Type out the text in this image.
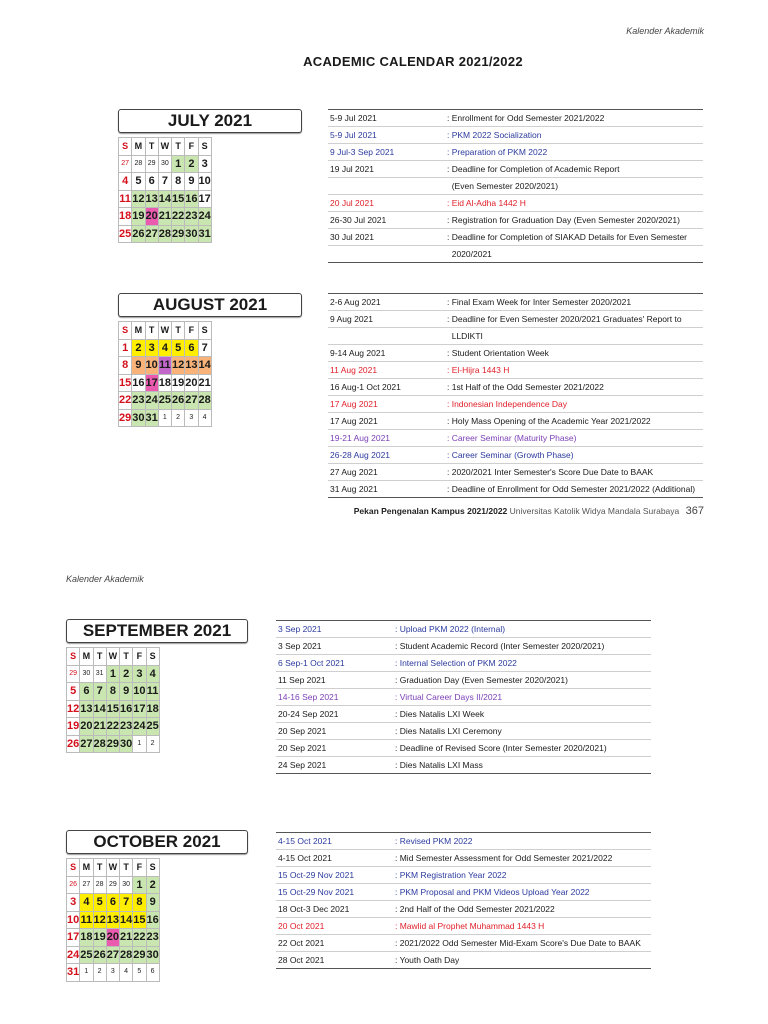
Kalender Akademik
ACADEMIC CALENDAR 2021/2022
JULY 2021
S	M	T	W	T	F	S
27	28	29	30	1	2	3
4	5	6	7	8	9	10
11	12	13	14	15	16	17
18	19	20	21	22	23	24
25	26	27	28	29	30	31
5-9 Jul 2021	: Enrollment for Odd Semester 2021/2022
5-9 Jul 2021	: PKM 2022 Socialization
9 Jul-3 Sep 2021	: Preparation of PKM 2022
19 Jul 2021	: Deadline for Completion of Academic Report
(Even Semester 2020/2021)
20 Jul 2021	: Eid Al-Adha 1442 H
26-30 Jul 2021	: Registration for Graduation Day (Even Semester 2020/2021)
30 Jul 2021	: Deadline for Completion of SIAKAD Details for Even Semester
2020/2021
AUGUST 2021
S	M	T	W	T	F	S
1	2	3	4	5	6	7
8	9	10	11	12	13	14
15	16	17	18	19	20	21
22	23	24	25	26	27	28
29	30	31	1	2	3	4
2-6 Aug 2021	: Final Exam Week for Inter Semester 2020/2021
9 Aug 2021	: Deadline for Even Semester 2020/2021 Graduates' Report to
LLDIKTI
9-14 Aug 2021	: Student Orientation Week
11 Aug 2021	: El-Hijra 1443 H
16 Aug-1 Oct 2021	: 1st Half of the Odd Semester 2021/2022
17 Aug 2021	: Indonesian Independence Day
17 Aug 2021	: Holy Mass Opening of the Academic Year 2021/2022
19-21 Aug 2021	: Career Seminar (Maturity Phase)
26-28 Aug 2021	: Career Seminar (Growth Phase)
27 Aug 2021	: 2020/2021 Inter Semester's Score Due Date to BAAK
31 Aug 2021	: Deadline of Enrollment for Odd Semester 2021/2022 (Additional)
Pekan Pengenalan Kampus 2021/2022 Universitas Katolik Widya Mandala Surabaya 367
Kalender Akademik
SEPTEMBER 2021
S	M	T	W	T	F	S
29	30	31	1	2	3	4
5	6	7	8	9	10	11
12	13	14	15	16	17	18
19	20	21	22	23	24	25
26	27	28	29	30	1	2
3 Sep 2021	: Upload PKM 2022 (Internal)
3 Sep 2021	: Student Academic Record (Inter Semester 2020/2021)
6 Sep-1 Oct 2021	: Internal Selection of PKM 2022
11 Sep 2021	: Graduation Day (Even Semester 2020/2021)
14-16 Sep 2021	: Virtual Career Days II/2021
20-24 Sep 2021	: Dies Natalis LXI Week
20 Sep 2021	: Dies Natalis LXI Ceremony
20 Sep 2021	: Deadline of Revised Score (Inter Semester 2020/2021)
24 Sep 2021	: Dies Natalis LXI Mass
OCTOBER 2021
S	M	T	W	T	F	S
26	27	28	29	30	1	2
3	4	5	6	7	8	9
10	11	12	13	14	15	16
17	18	19	20	21	22	23
24	25	26	27	28	29	30
31	1	2	3	4	5	6
4-15 Oct 2021	: Revised PKM 2022
4-15 Oct 2021	: Mid Semester Assessment for Odd Semester 2021/2022
15 Oct-29 Nov 2021	: PKM Registration Year 2022
15 Oct-29 Nov 2021	: PKM Proposal and PKM Videos Upload Year 2022
18 Oct-3 Dec 2021	: 2nd Half of the Odd Semester 2021/2022
20 Oct 2021	: Mawlid al Prophet Muhammad 1443 H
22 Oct 2021	: 2021/2022 Odd Semester Mid-Exam Score's Due Date to BAAK
28 Oct 2021	: Youth Oath Day
